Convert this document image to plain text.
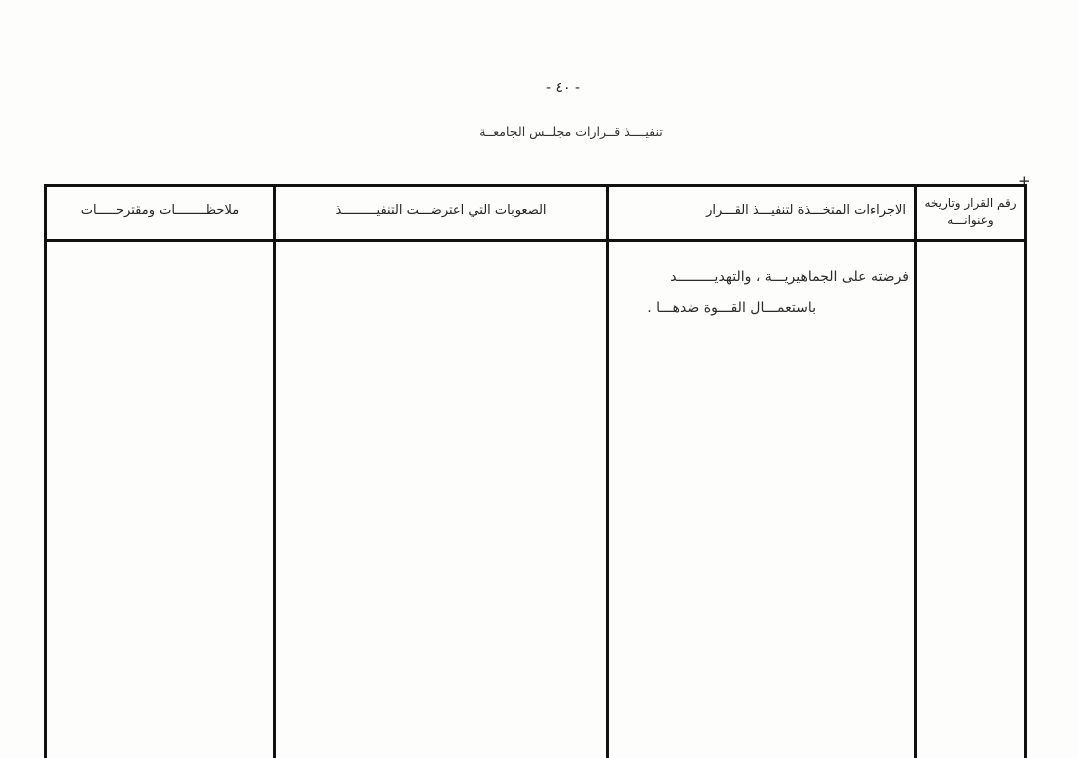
- ٤٠ -
تنفيــــذ قــرارات مجلــس الجامعــة
+
رقم القرار وتاريخه
وعنوانـــه
الاجراءات المتخـــذة لتنفيـــذ القـــرار
الصعوبات التي اعترضـــت التنفيـــــــــذ
ملاحظــــــــات ومقترحـــــات
فرضته على الجماهيريـــة ، والتهديـــــــــد
باستعمـــال القـــوة ضدهـــا .
